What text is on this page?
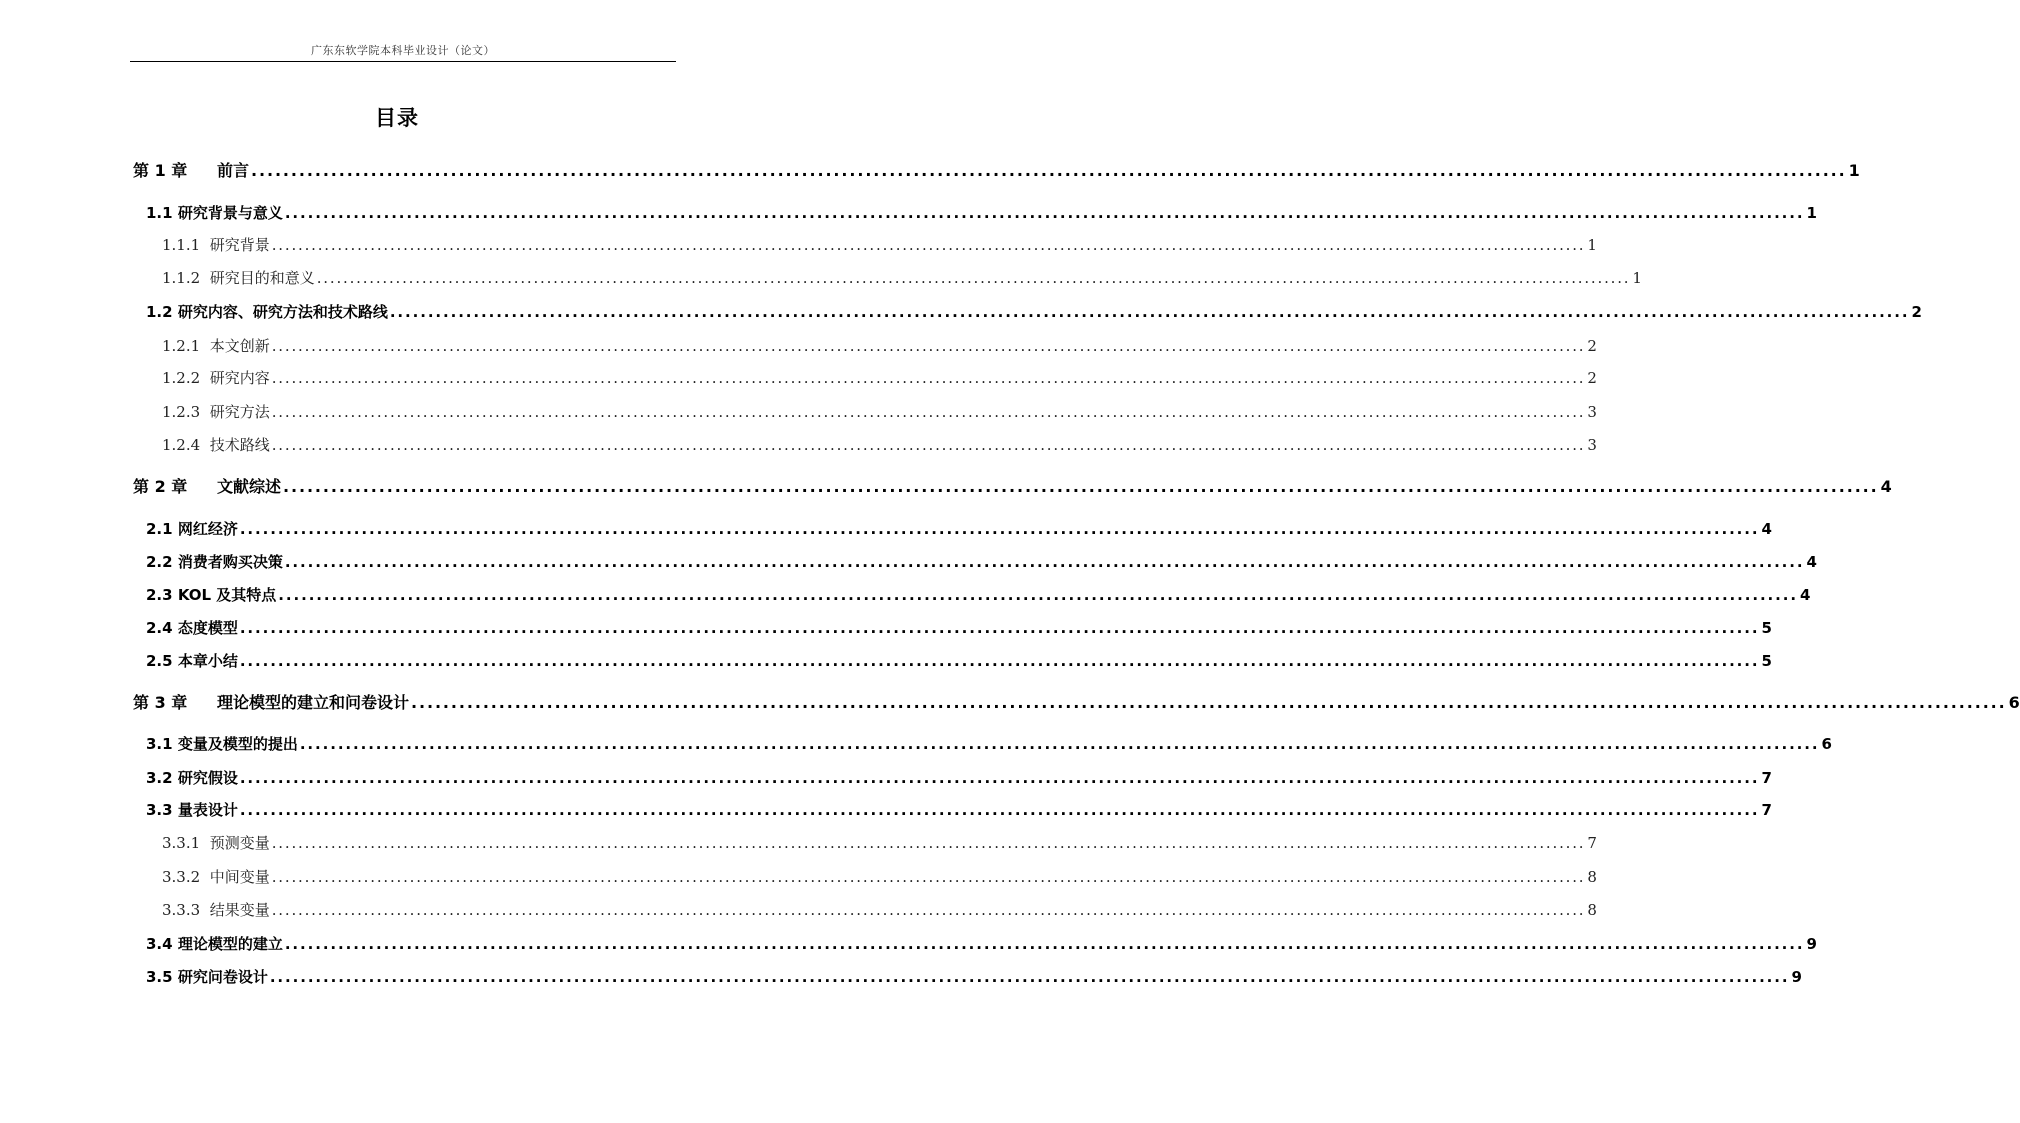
广东东软学院本科毕业设计（论文）
目录
第 1 章 前言 ........................................................................................................................................................................................................ 1
1.1 研究背景与意义 ........................................................................................................................................................................................................ 1
1.1.1 研究背景 ........................................................................................................................................................................................................ 1
1.1.2 研究目的和意义 ........................................................................................................................................................................................................ 1
1.2 研究内容、研究方法和技术路线 ........................................................................................................................................................................................................ 2
1.2.1 本文创新 ........................................................................................................................................................................................................ 2
1.2.2 研究内容 ........................................................................................................................................................................................................ 2
1.2.3 研究方法 ........................................................................................................................................................................................................ 3
1.2.4 技术路线 ........................................................................................................................................................................................................ 3
第 2 章 文献综述 ........................................................................................................................................................................................................ 4
2.1 网红经济 ........................................................................................................................................................................................................ 4
2.2 消费者购买决策 ........................................................................................................................................................................................................ 4
2.3 KOL 及其特点 ........................................................................................................................................................................................................ 4
2.4 态度模型 ........................................................................................................................................................................................................ 5
2.5 本章小结 ........................................................................................................................................................................................................ 5
第 3 章 理论模型的建立和问卷设计 ........................................................................................................................................................................................................ 6
3.1 变量及模型的提出 ........................................................................................................................................................................................................ 6
3.2 研究假设 ........................................................................................................................................................................................................ 7
3.3 量表设计 ........................................................................................................................................................................................................ 7
3.3.1 预测变量 ........................................................................................................................................................................................................ 7
3.3.2 中间变量 ........................................................................................................................................................................................................ 8
3.3.3 结果变量 ........................................................................................................................................................................................................ 8
3.4 理论模型的建立 ........................................................................................................................................................................................................ 9
3.5 研究问卷设计 ........................................................................................................................................................................................................ 9
